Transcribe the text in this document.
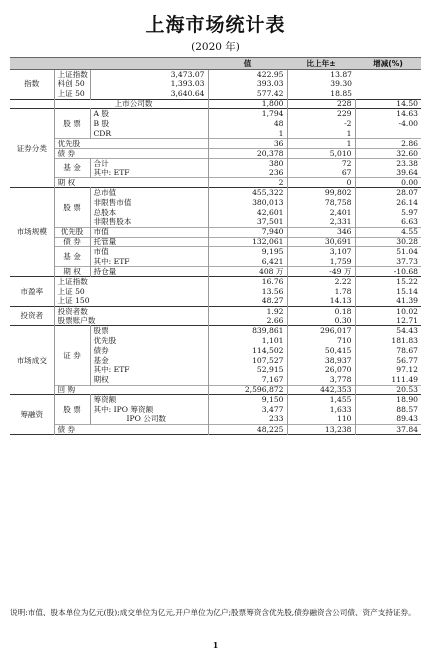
上海市场统计表
(2020 年)
			值	比上年±	增减(%)
指数	上证指数	3,473.07	422.95	13.87	
	科创 50	1,393.03	393.03	39.30	
	上证 50	3,640.64	577.42	18.85	
	上市公司数		1,800	228	14.50
证券分类	股 票	A 股	1,794	229	14.63
		B 股	48	-2	-4.00
		CDR	1	1	
	优先股		36	1	2.86
	债 券		20,378	5,010	32.60
	基 金	合计	380	72	23.38
		其中: ETF	236	67	39.64
	期 权		2	0	0.00
市场规模	股 票	总市值	455,322	99,802	28.07
		非限售市值	380,013	78,758	26.14
		总股本	42,601	2,401	5.97
		非限售股本	37,501	2,331	6.63
	优先股	市值	7,940	346	4.55
	债 券	托管量	132,061	30,691	30.28
	基 金	市值	9,195	3,107	51.04
		其中: ETF	6,421	1,759	37.73
	期 权	持仓量	408 万	-49 万	-10.68
市盈率	上证指数		16.76	2.22	15.22
	上证 50		13.56	1.78	15.14
	上证 150		48.27	14.13	41.39
投资者	投资者数		1.92	0.18	10.02
	股票账户数		2.66	0.30	12.71
市场成交	证 券	股票	839,861	296,017	54.43
		优先股	1,101	710	181.83
		债券	114,502	50,415	78.67
		基金	107,527	38,937	56.77
		其中: ETF	52,915	26,070	97.12
		期权	7,167	3,778	111.49
	回 购		2,596,872	442,353	20.53
筹融资	股 票	筹资额	9,150	1,455	18.90
		其中: IPO 筹资额	3,477	1,633	88.57
		IPO 公司数	233	110	89.43
	债 券		48,225	13,238	37.84
说明:市值、股本单位为亿元(股);成交单位为亿元,开户单位为亿户;股票筹资含优先股,债券融资含公司债、资产支持证券。
1
